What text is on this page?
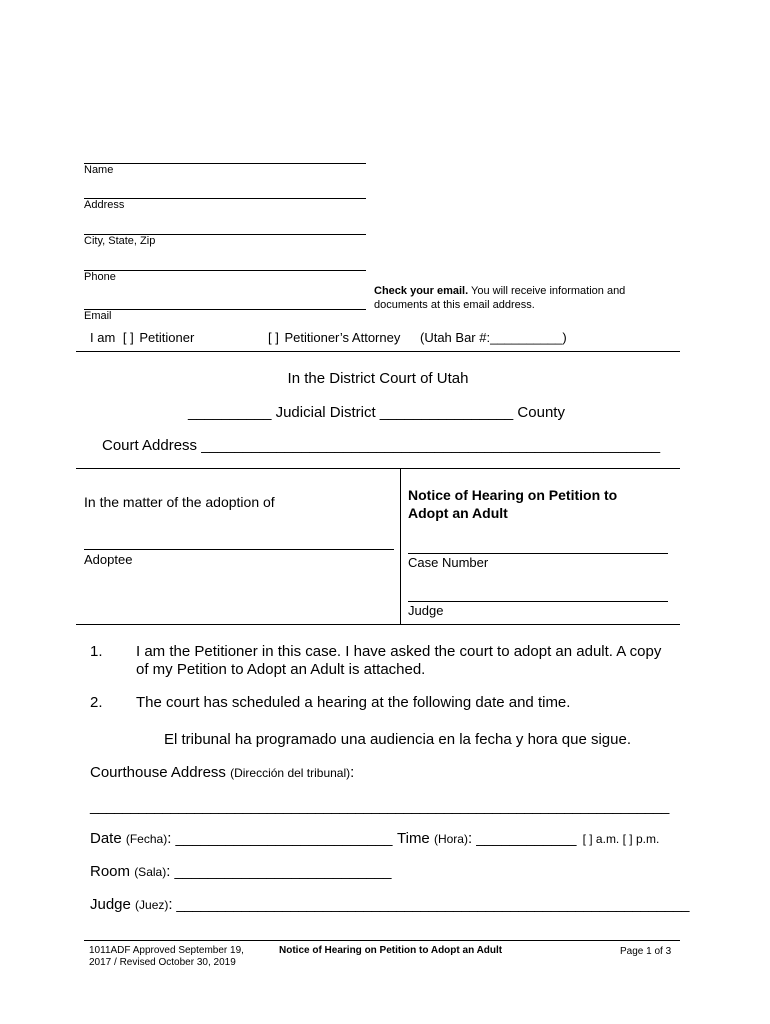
Name
Address
City, State, Zip
Phone
Email
Check your email. You will receive information and
documents at this email address.
I am [ ] Petitioner	[ ] Petitioner’s Attorney (Utah Bar #:__________)
In the District Court of Utah
__________ Judicial District ________________ County
Court Address _______________________________________________________
In the matter of the adoption of
Adoptee
Notice of Hearing on Petition to
Adopt an Adult
Case Number
Judge
1. I am the Petitioner in this case. I have asked the court to adopt an adult. A copy
of my Petition to Adopt an Adult is attached.
2. The court has scheduled a hearing at the following date and time.
El tribunal ha programado una audiencia en la fecha y hora que sigue.
Courthouse Address (Dirección del tribunal):
________________________________________________________________________
Date (Fecha): __________________________ Time (Hora): ____________ [ ] a.m. [ ] p.m.
Room (Sala): __________________________
Judge (Juez): _______________________________________________________________
1011ADF Approved September 19,
2017 / Revised October 30, 2019
Notice of Hearing on Petition to Adopt an Adult	Page 1 of 3
